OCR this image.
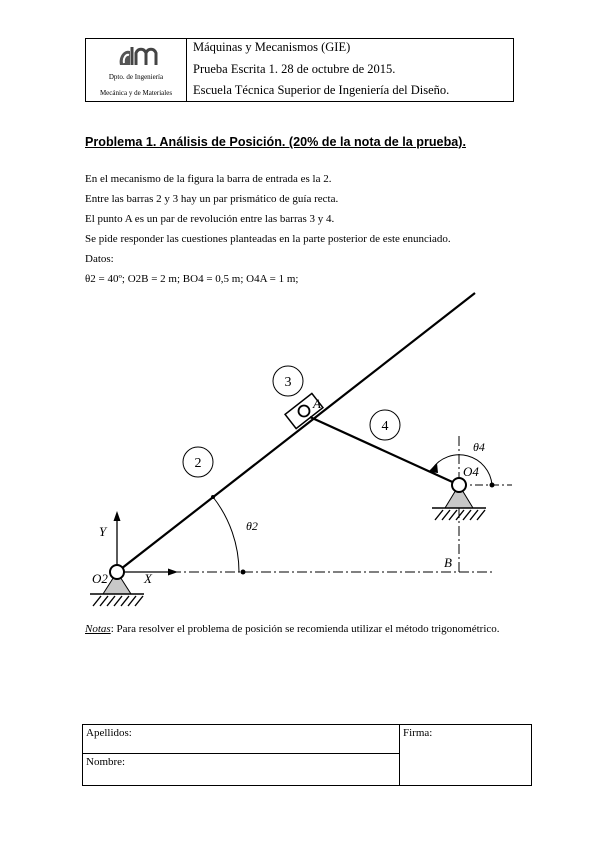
Dpto. de Ingeniería
Mecánica y de Materiales
Máquinas y Mecanismos (GIE)
Prueba Escrita 1. 28 de octubre de 2015.
Escuela Técnica Superior de Ingeniería del Diseño.
Problema 1. Análisis de Posición. (20% de la nota de la prueba).
En el mecanismo de la figura la barra de entrada es la 2.
Entre las barras 2 y 3 hay un par prismático de guía recta.
El punto A es un par de revolución entre las barras 3 y 4.
Se pide responder las cuestiones planteadas en la parte posterior de este enunciado.
Datos:
θ2 = 40º; O2B = 2 m; BO4 = 0,5 m; O4A = 1 m;
2
3
4
A
B
O2
O4
X
Y	θ2
θ4
Notas: Para resolver el problema de posición se recomienda utilizar el método trigonométrico.
Apellidos:
Nombre:
Firma:
